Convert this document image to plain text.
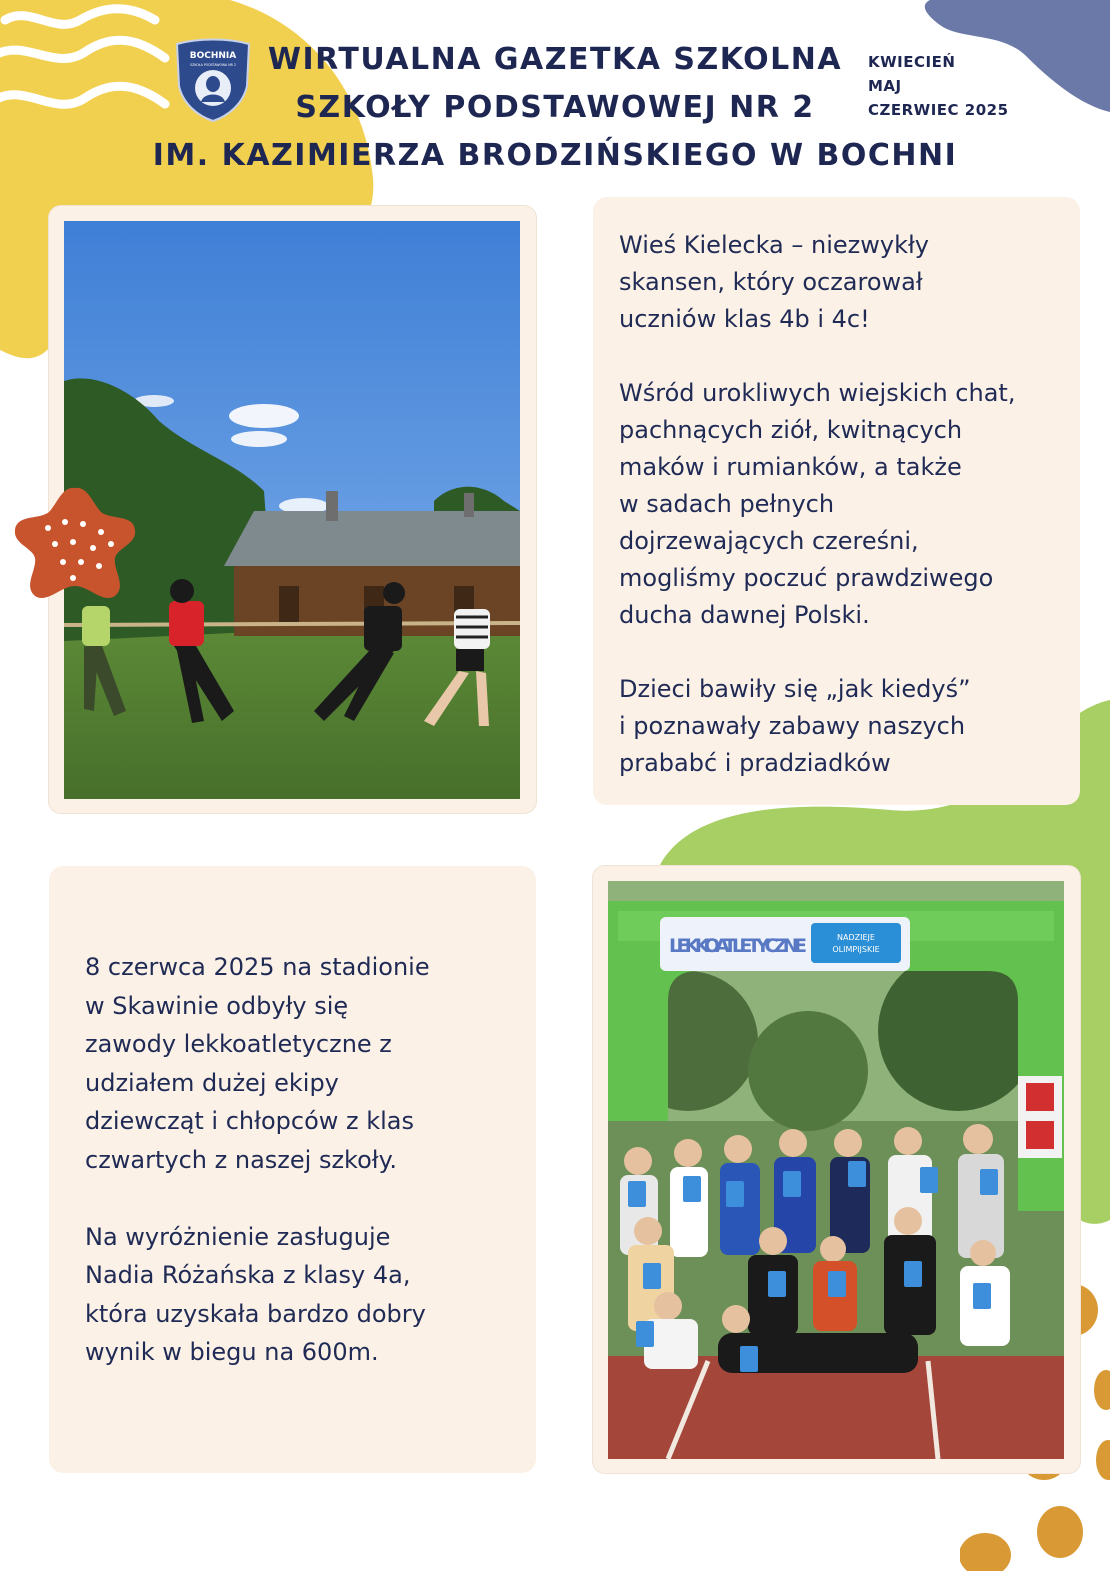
BOCHNIA
SZKOŁA PODSTAWOWA NR 2	WIRTUALNA GAZETKA SZKOLNA
SZKOŁY PODSTAWOWEJ NR 2
IM. KAZIMIERZA BRODZIŃSKIEGO W BOCHNI
KWIECIEŃ
MAJ
CZERWIEC 2025
Wieś Kielecka – niezwykły
skansen, który oczarował
uczniów klas 4b i 4c!

Wśród urokliwych wiejskich chat,
pachnących ziół, kwitnących
maków i rumianków, a także
w sadach pełnych
dojrzewających czereśni,
mogliśmy poczuć prawdziwego
ducha dawnej Polski.

Dzieci bawiły się „jak kiedyś”
i poznawały zabawy naszych
prababć i pradziadków
8 czerwca 2025 na stadionie
w Skawinie odbyły się
zawody lekkoatletyczne z
udziałem dużej ekipy
dziewcząt i chłopców z klas
czwartych z naszej szkoły.

Na wyróżnienie zasługuje
Nadia Różańska z klasy 4a,
która uzyskała bardzo dobry
wynik w biegu na 600m.
LEKKOATLETYCZNE	NADZIEJE
OLIMPIJSKIE
